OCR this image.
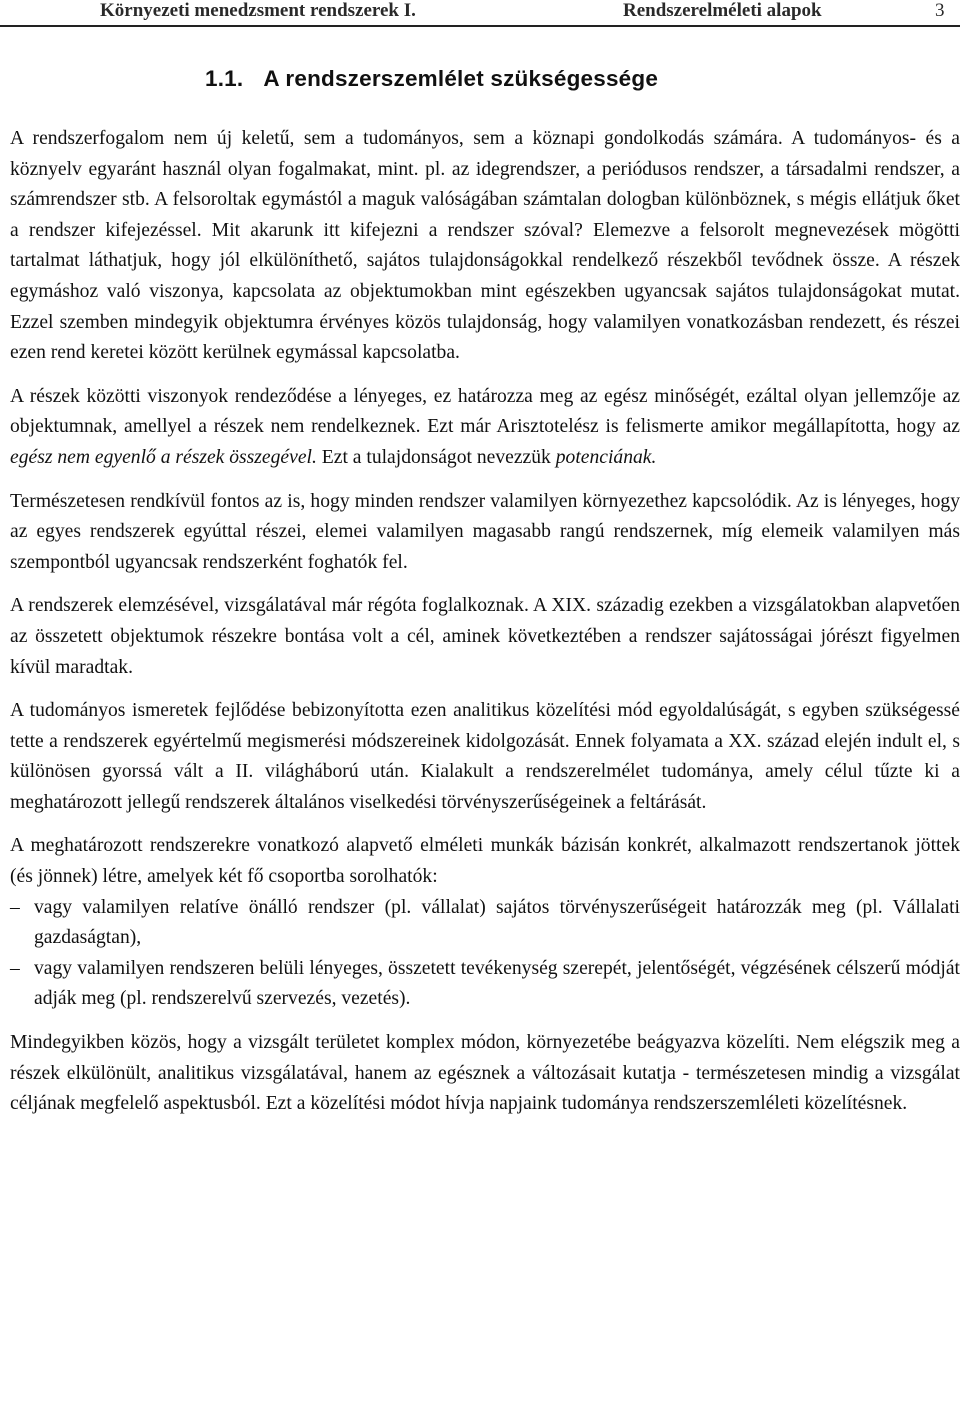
Környezeti menedzsment rendszerek I.	Rendszerelméleti alapok	3
1.1. A rendszerszemlélet szükségessége

A rendszerfogalom nem új keletű, sem a tudományos, sem a köznapi gondolkodás számára. A tudományos- és a köznyelv egyaránt használ olyan fogalmakat, mint. pl. az idegrendszer, a periódusos rendszer, a társadalmi rendszer, a számrendszer stb. A felsoroltak egymástól a maguk valóságában számtalan dologban különböznek, s mégis ellátjuk őket a rendszer kifejezéssel. Mit akarunk itt kifejezni a rendszer szóval? Elemezve a felsorolt megnevezések mögötti tartalmat láthatjuk, hogy jól elkülöníthető, sajátos tulajdonságokkal rendelkező részekből tevődnek össze. A részek egymáshoz való viszonya, kapcsolata az objektumokban mint egészekben ugyancsak sajátos tulajdonságokat mutat. Ezzel szemben mindegyik objektumra érvényes közös tulajdonság, hogy valamilyen vonatkozásban rendezett, és részei ezen rend keretei között kerülnek egymással kapcsolatba.

A részek közötti viszonyok rendeződése a lényeges, ez határozza meg az egész minőségét, ezáltal olyan jellemzője az objektumnak, amellyel a részek nem rendelkeznek. Ezt már Arisztotelész is felismerte amikor megállapította, hogy az egész nem egyenlő a részek összegével. Ezt a tulajdonságot nevezzük potenciának.

Természetesen rendkívül fontos az is, hogy minden rendszer valamilyen környezethez kapcsolódik. Az is lényeges, hogy az egyes rendszerek egyúttal részei, elemei valamilyen magasabb rangú rendszernek, míg elemeik valamilyen más szempontból ugyancsak rendszerként foghatók fel.

A rendszerek elemzésével, vizsgálatával már régóta foglalkoznak. A XIX. századig ezekben a vizsgálatokban alapvetően az összetett objektumok részekre bontása volt a cél, aminek következtében a rendszer sajátosságai jórészt figyelmen kívül maradtak.

A tudományos ismeretek fejlődése bebizonyította ezen analitikus közelítési mód egyoldalúságát, s egyben szükségessé tette a rendszerek egyértelmű megismerési módszereinek kidolgozását. Ennek folyamata a XX. század elején indult el, s különösen gyorssá vált a II. világháború után. Kialakult a rendszerelmélet tudománya, amely célul tűzte ki a meghatározott jellegű rendszerek általános viselkedési törvényszerűségeinek a feltárását.

A meghatározott rendszerekre vonatkozó alapvető elméleti munkák bázisán konkrét, alkalmazott rendszertanok jöttek (és jönnek) létre, amelyek két fő csoportba sorolhatók:

– vagy valamilyen relatíve önálló rendszer (pl. vállalat) sajátos törvényszerűségeit határozzák meg (pl. Vállalati gazdaságtan),
– vagy valamilyen rendszeren belüli lényeges, összetett tevékenység szerepét, jelentőségét, végzésének célszerű módját adják meg (pl. rendszerelvű szervezés, vezetés).

Mindegyikben közös, hogy a vizsgált területet komplex módon, környezetébe beágyazva közelíti. Nem elégszik meg a részek elkülönült, analitikus vizsgálatával, hanem az egésznek a változásait kutatja - természetesen mindig a vizsgálat céljának megfelelő aspektusból. Ezt a közelítési módot hívja napjaink tudománya rendszerszemléleti közelítésnek.
